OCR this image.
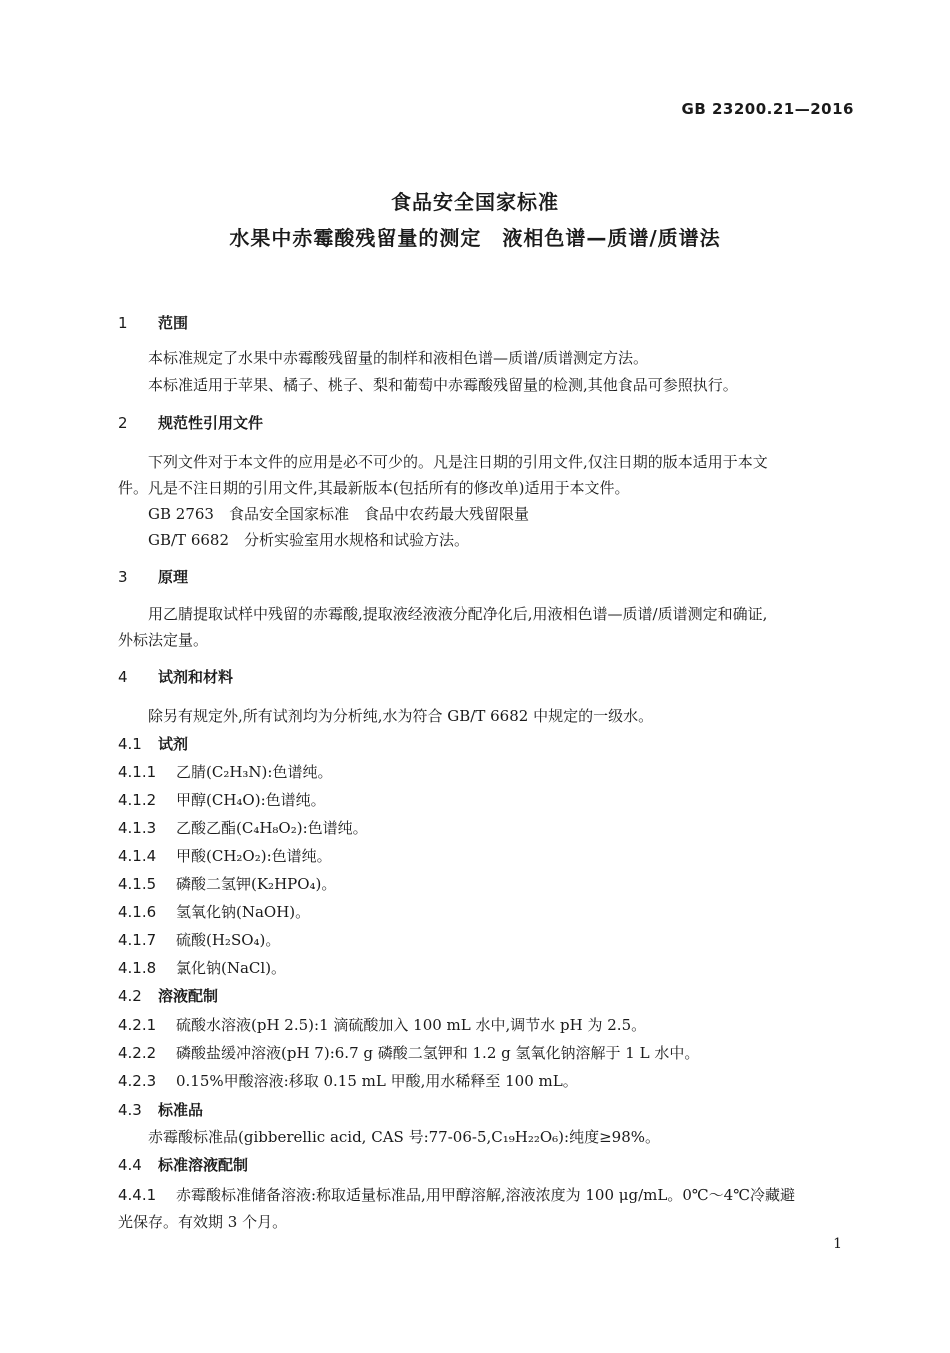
GB 23200.21—2016
食品安全国家标准
水果中赤霉酸残留量的测定　液相色谱—质谱/质谱法
1 范围
本标准规定了水果中赤霉酸残留量的制样和液相色谱—质谱/质谱测定方法。
本标准适用于苹果、橘子、桃子、梨和葡萄中赤霉酸残留量的检测,其他食品可参照执行。
2 规范性引用文件
下列文件对于本文件的应用是必不可少的。凡是注日期的引用文件,仅注日期的版本适用于本文
件。凡是不注日期的引用文件,其最新版本(包括所有的修改单)适用于本文件。
GB 2763　食品安全国家标准　食品中农药最大残留限量
GB/T 6682　分析实验室用水规格和试验方法。
3 原理
用乙腈提取试样中残留的赤霉酸,提取液经液液分配净化后,用液相色谱—质谱/质谱测定和确证,
外标法定量。
4 试剂和材料
除另有规定外,所有试剂均为分析纯,水为符合 GB/T 6682 中规定的一级水。
4.1 试剂
4.1.1 乙腈(C₂H₃N):色谱纯。
4.1.2 甲醇(CH₄O):色谱纯。
4.1.3 乙酸乙酯(C₄H₈O₂):色谱纯。
4.1.4 甲酸(CH₂O₂):色谱纯。
4.1.5 磷酸二氢钾(K₂HPO₄)。
4.1.6 氢氧化钠(NaOH)。
4.1.7 硫酸(H₂SO₄)。
4.1.8 氯化钠(NaCl)。
4.2 溶液配制
4.2.1 硫酸水溶液(pH 2.5):1 滴硫酸加入 100 mL 水中,调节水 pH 为 2.5。
4.2.2 磷酸盐缓冲溶液(pH 7):6.7 g 磷酸二氢钾和 1.2 g 氢氧化钠溶解于 1 L 水中。
4.2.3 0.15%甲酸溶液:移取 0.15 mL 甲酸,用水稀释至 100 mL。
4.3 标准品
赤霉酸标准品(gibberellic acid, CAS 号:77-06-5,C₁₉H₂₂O₆):纯度≥98%。
4.4 标准溶液配制
4.4.1 赤霉酸标准储备溶液:称取适量标准品,用甲醇溶解,溶液浓度为 100 μg/mL。0℃～4℃冷藏避
光保存。有效期 3 个月。
1
